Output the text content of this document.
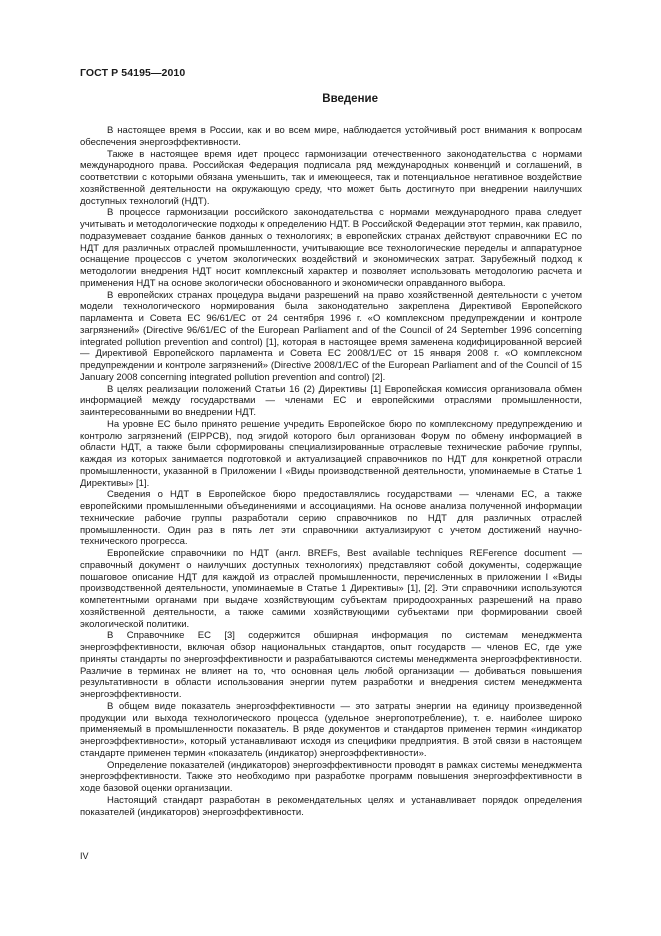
ГОСТ Р 54195—2010
Введение

В настоящее время в России, как и во всем мире, наблюдается устойчивый рост внимания к вопросам обеспечения энергоэффективности.

Также в настоящее время идет процесс гармонизации отечественного законодательства с нормами международного права. Российская Федерация подписала ряд международных конвенций и соглашений, в соответствии с которыми обязана уменьшить, так и имеющееся, так и потенциальное негативное воздействие хозяйственной деятельности на окружающую среду, что может быть достигнуто при внедрении наилучших доступных технологий (НДТ).

В процессе гармонизации российского законодательства с нормами международного права следует учитывать и методологические подходы к определению НДТ. В Российской Федерации этот термин, как правило, подразумевает создание банков данных о технологиях; в европейских странах действуют справочники ЕС по НДТ для различных отраслей промышленности, учитывающие все технологические переделы и аппаратурное оснащение процессов с учетом экологических воздействий и экономических затрат. Зарубежный подход к методологии внедрения НДТ носит комплексный характер и позволяет использовать методологию расчета и применения НДТ на основе экологически обоснованного и экономически оправданного выбора.

В европейских странах процедура выдачи разрешений на право хозяйственной деятельности с учетом модели технологического нормирования была законодательно закреплена Директивой Европейского парламента и Совета ЕС 96/61/ЕС от 24 сентября 1996 г. «О комплексном предупреждении и контроле загрязнений» (Directive 96/61/EC of the European Parliament and of the Council of 24 September 1996 concerning integrated pollution prevention and control) [1], которая в настоящее время заменена кодифицированной версией — Директивой Европейского парламента и Совета ЕС 2008/1/ЕС от 15 января 2008 г. «О комплексном предупреждении и контроле загрязнений» (Directive 2008/1/EC of the European Parliament and of the Council of 15 January 2008 concerning integrated pollution prevention and control) [2].

В целях реализации положений Статьи 16 (2) Директивы [1] Европейская комиссия организовала обмен информацией между государствами — членами ЕС и европейскими отраслями промышленности, заинтересованными во внедрении НДТ.

На уровне ЕС было принято решение учредить Европейское бюро по комплексному предупреждению и контролю загрязнений (EIPPCB), под эгидой которого был организован Форум по обмену информацией в области НДТ, а также были сформированы специализированные отраслевые технические рабочие группы, каждая из которых занимается подготовкой и актуализацией справочников по НДТ для конкретной отрасли промышленности, указанной в Приложении I «Виды производственной деятельности, упоминаемые в Статье 1 Директивы» [1].

Сведения о НДТ в Европейское бюро предоставлялись государствами — членами ЕС, а также европейскими промышленными объединениями и ассоциациями. На основе анализа полученной информации технические рабочие группы разработали серию справочников по НДТ для различных отраслей промышленности. Один раз в пять лет эти справочники актуализируют с учетом достижений научно-технического прогресса.

Европейские справочники по НДТ (англ. BREFs, Best available techniques REFerence document — справочный документ о наилучших доступных технологиях) представляют собой документы, содержащие пошаговое описание НДТ для каждой из отраслей промышленности, перечисленных в приложении I «Виды производственной деятельности, упоминаемые в Статье 1 Директивы» [1], [2]. Эти справочники используются компетентными органами при выдаче хозяйствующим субъектам природоохранных разрешений на право хозяйственной деятельности, а также самими хозяйствующими субъектами при формировании своей экологической политики.

В Справочнике ЕС [3] содержится обширная информация по системам менеджмента энергоэффективности, включая обзор национальных стандартов, опыт государств — членов ЕС, где уже приняты стандарты по энергоэффективности и разрабатываются системы менеджмента энергоэффективности. Различие в терминах не влияет на то, что основная цель любой организации — добиваться повышения результативности в области использования энергии путем разработки и внедрения систем менеджмента энергоэффективности.

В общем виде показатель энергоэффективности — это затраты энергии на единицу произведенной продукции или выхода технологического процесса (удельное энергопотребление), т. е. наиболее широко применяемый в промышленности показатель. В ряде документов и стандартов применен термин «индикатор энергоэффективности», который устанавливают исходя из специфики предприятия. В этой связи в настоящем стандарте применен термин «показатель (индикатор) энергоэффективности».

Определение показателей (индикаторов) энергоэффективности проводят в рамках системы менеджмента энергоэффективности. Также это необходимо при разработке программ повышения энергоэффективности в ходе базовой оценки организации.

Настоящий стандарт разработан в рекомендательных целях и устанавливает порядок определения показателей (индикаторов) энергоэффективности.

IV
